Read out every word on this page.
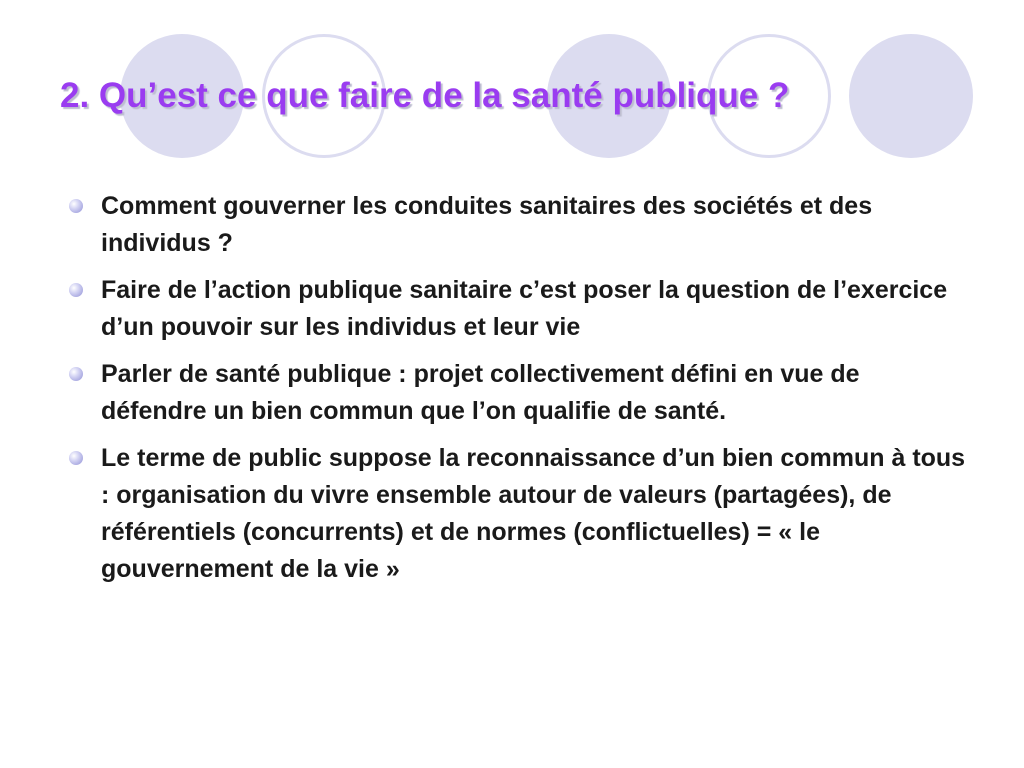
2. Qu’est ce que faire de la santé publique ?
Comment gouverner les conduites sanitaires des sociétés et des individus ?
Faire de l’action publique sanitaire c’est poser la question de l’exercice d’un pouvoir sur les individus et leur vie
Parler de santé publique : projet collectivement défini en vue de défendre un bien commun que l’on qualifie de santé.
Le terme de public suppose la reconnaissance d’un bien commun à tous : organisation du vivre ensemble autour de valeurs (partagées), de référentiels (concurrents) et de normes (conflictuelles) = « le gouvernement de la vie »
